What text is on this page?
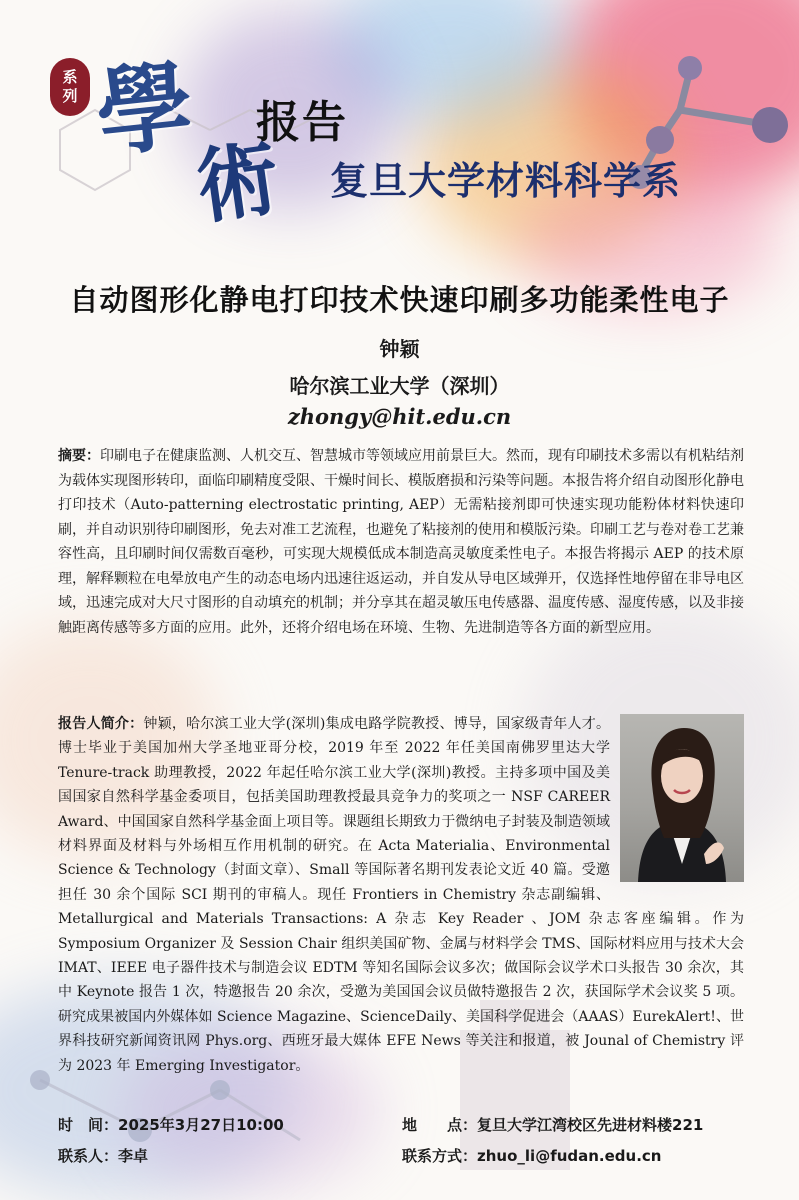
系
列 學
術
报告
复旦大学材料科学系
自动图形化静电打印技术快速印刷多功能柔性电子
钟颖
哈尔滨工业大学（深圳）
zhongy@hit.edu.cn
摘要：印刷电子在健康监测、人机交互、智慧城市等领域应用前景巨大。然而，现有印刷技术多需以有机粘结剂为载体实现图形转印，面临印刷精度受限、干燥时间长、模版磨损和污染等问题。本报告将介绍自动图形化静电打印技术（Auto-patterning electrostatic printing, AEP）无需粘接剂即可快速实现功能粉体材料快速印刷，并自动识别待印刷图形，免去对准工艺流程，也避免了粘接剂的使用和模版污染。印刷工艺与卷对卷工艺兼容性高，且印刷时间仅需数百毫秒，可实现大规模低成本制造高灵敏度柔性电子。本报告将揭示 AEP 的技术原理，解释颗粒在电晕放电产生的动态电场内迅速往返运动，并自发从导电区域弹开，仅选择性地停留在非导电区域，迅速完成对大尺寸图形的自动填充的机制；并分享其在超灵敏压电传感器、温度传感、湿度传感，以及非接触距离传感等多方面的应用。此外，还将介绍电场在环境、生物、先进制造等各方面的新型应用。
报告人简介：钟颖，哈尔滨工业大学(深圳)集成电路学院教授、博导，国家级青年人才。博士毕业于美国加州大学圣地亚哥分校，2019 年至 2022 年任美国南佛罗里达大学 Tenure-track 助理教授，2022 年起任哈尔滨工业大学(深圳)教授。主持多项中国及美国国家自然科学基金委项目，包括美国助理教授最具竞争力的奖项之一 NSF CAREER Award、中国国家自然科学基金面上项目等。课题组长期致力于微纳电子封装及制造领域材料界面及材料与外场相互作用机制的研究。在 Acta Materialia、Environmental Science & Technology（封面文章）、Small 等国际著名期刊发表论文近 40 篇。受邀担任 30 余个国际 SCI 期刊的审稿人。现任 Frontiers in Chemistry 杂志副编辑、Metallurgical and Materials Transactions: A 杂志 Key Reader 、JOM 杂志客座编辑。作为 Symposium Organizer 及 Session Chair 组织美国矿物、金属与材料学会 TMS、国际材料应用与技术大会 IMAT、IEEE 电子器件技术与制造会议 EDTM 等知名国际会议多次；做国际会议学术口头报告 30 余次，其中 Keynote 报告 1 次，特邀报告 20 余次，受邀为美国国会议员做特邀报告 2 次，获国际学术会议奖 5 项。研究成果被国内外媒体如 Science Magazine、ScienceDaily、美国科学促进会（AAAS）EurekAlert!、世界科技研究新闻资讯网 Phys.org、西班牙最大媒体 EFE News 等关注和报道，被 Jounal of Chemistry 评为 2023 年 Emerging Investigator。
时　间：2025年3月27日10:00	地　　点：复旦大学江湾校区先进材料楼221
联系人：李卓	联系方式：zhuo_li@fudan.edu.cn
